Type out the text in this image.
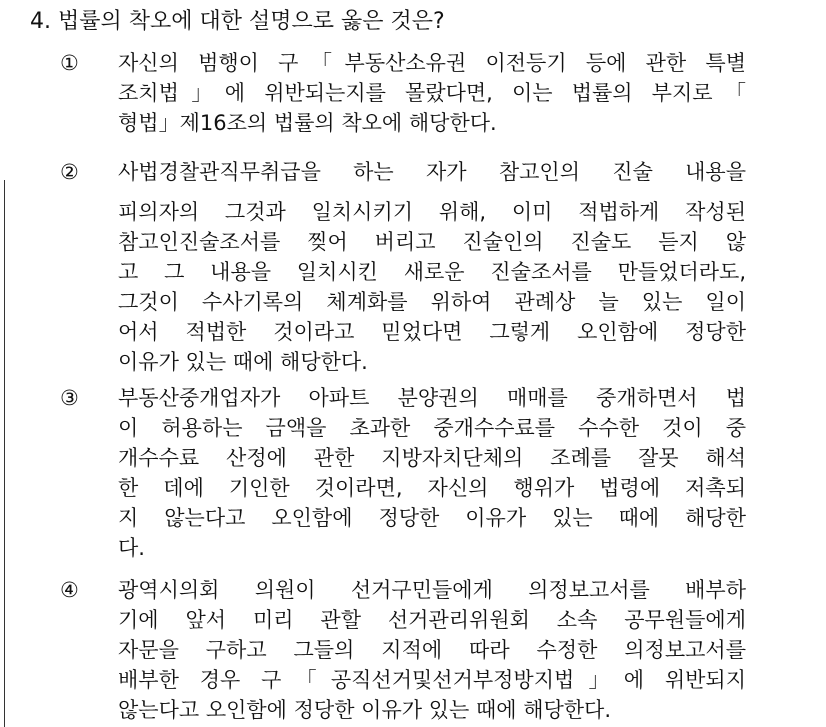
4. 법률의 착오에 대한 설명으로 옳은 것은?
① 자신의 범행이 구「부동산소유권 이전등기 등에 관한 특별
조치법」에 위반되는지를 몰랐다면, 이는 법률의 부지로「
형법」제16조의 법률의 착오에 해당한다.
② 사법경찰관직무취급을 하는 자가 참고인의 진술 내용을
피의자의 그것과 일치시키기 위해, 이미 적법하게 작성된
참고인진술조서를 찢어 버리고 진술인의 진술도 듣지 않
고 그 내용을 일치시킨 새로운 진술조서를 만들었더라도,
그것이 수사기록의 체계화를 위하여 관례상 늘 있는 일이
어서 적법한 것이라고 믿었다면 그렇게 오인함에 정당한
이유가 있는 때에 해당한다.
③ 부동산중개업자가 아파트 분양권의 매매를 중개하면서 법
이 허용하는 금액을 초과한 중개수수료를 수수한 것이 중
개수수료 산정에 관한 지방자치단체의 조례를 잘못 해석
한 데에 기인한 것이라면, 자신의 행위가 법령에 저촉되
지 않는다고 오인함에 정당한 이유가 있는 때에 해당한
다.
④ 광역시의회 의원이 선거구민들에게 의정보고서를 배부하
기에 앞서 미리 관할 선거관리위원회 소속 공무원들에게
자문을 구하고 그들의 지적에 따라 수정한 의정보고서를
배부한 경우 구「공직선거및선거부정방지법」에 위반되지
않는다고 오인함에 정당한 이유가 있는 때에 해당한다.
